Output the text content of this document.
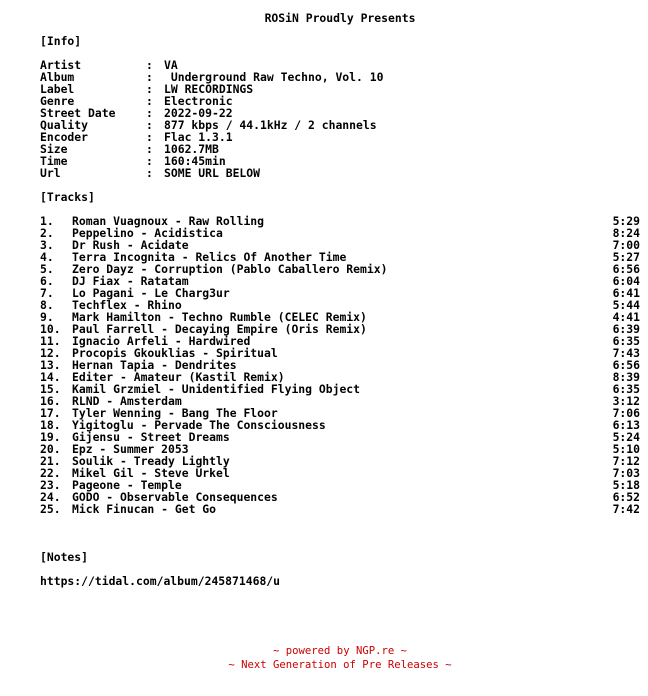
ROSiN Proudly Presents
[Info]
Artist	: VA
Album	: Underground Raw Techno, Vol. 10
Label	: LW RECORDINGS
Genre	: Electronic
Street Date	: 2022-09-22
Quality	: 877 kbps / 44.1kHz / 2 channels
Encoder	: Flac 1.3.1
Size	: 1062.7MB
Time	: 160:45min
Url	: SOME URL BELOW
[Tracks]
1.	Roman Vuagnoux - Raw Rolling	5:29
2.	Peppelino - Acidistica	8:24
3.	Dr Rush - Acidate	7:00
4.	Terra Incognita - Relics Of Another Time	5:27
5.	Zero Dayz - Corruption (Pablo Caballero Remix)	6:56
6.	DJ Fiax - Ratatam	6:04
7.	Lo Pagani - Le Charg3ur	6:41
8.	Techflex - Rhino	5:44
9.	Mark Hamilton - Techno Rumble (CELEC Remix)	4:41
10.	Paul Farrell - Decaying Empire (Oris Remix)	6:39
11.	Ignacio Arfeli - Hardwired	6:35
12.	Procopis Gkouklias - Spiritual	7:43
13.	Hernan Tapia - Dendrites	6:56
14.	Editer - Amateur (Kastil Remix)	8:39
15.	Kamil Grzmiel - Unidentified Flying Object	6:35
16.	RLND - Amsterdam	3:12
17.	Tyler Wenning - Bang The Floor	7:06
18.	Yigitoglu - Pervade The Consciousness	6:13
19.	Gijensu - Street Dreams	5:24
20.	Epz - Summer 2053	5:10
21.	Soulik - Tready Lightly	7:12
22.	Mikel Gil - Steve Urkel	7:03
23.	Pageone - Temple	5:18
24.	GODO - Observable Consequences	6:52
25.	Mick Finucan - Get Go	7:42
[Notes]
https://tidal.com/album/245871468/u
~ powered by NGP.re ~
~ Next Generation of Pre Releases ~
